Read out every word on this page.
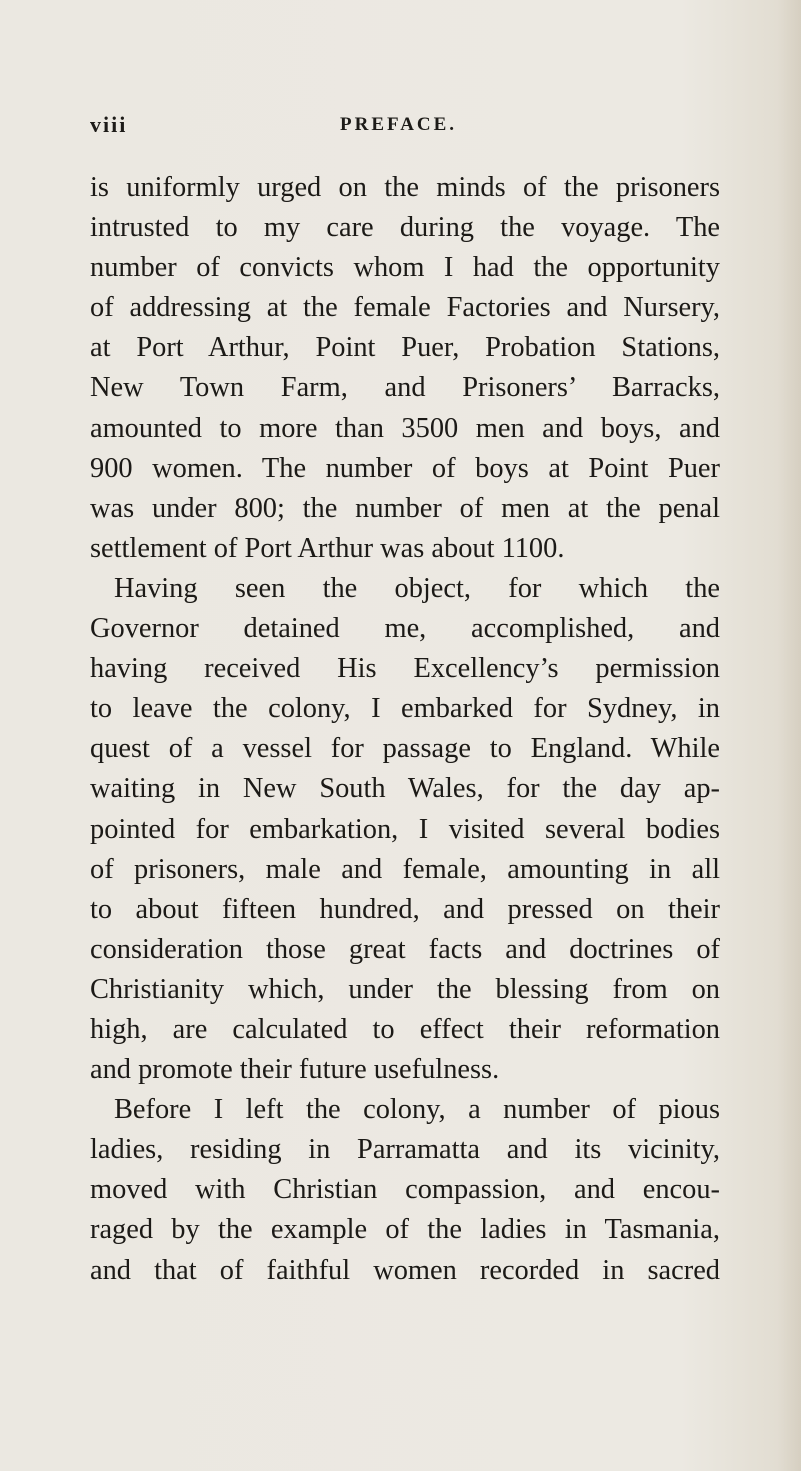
viii	PREFACE.
is uniformly urged on the minds of the prisoners
intrusted to my care during the voyage. The
number of convicts whom I had the opportunity
of addressing at the female Factories and Nursery,
at Port Arthur, Point Puer, Probation Stations,
New Town Farm, and Prisoners’ Barracks,
amounted to more than 3500 men and boys, and
900 women. The number of boys at Point Puer
was under 800; the number of men at the penal
settlement of Port Arthur was about 1100.
Having seen the object, for which the
Governor detained me, accomplished, and
having received His Excellency’s permission
to leave the colony, I embarked for Sydney, in
quest of a vessel for passage to England. While
waiting in New South Wales, for the day ap-
pointed for embarkation, I visited several bodies
of prisoners, male and female, amounting in all
to about fifteen hundred, and pressed on their
consideration those great facts and doctrines of
Christianity which, under the blessing from on
high, are calculated to effect their reformation
and promote their future usefulness.
Before I left the colony, a number of pious
ladies, residing in Parramatta and its vicinity,
moved with Christian compassion, and encou-
raged by the example of the ladies in Tasmania,
and that of faithful women recorded in sacred
